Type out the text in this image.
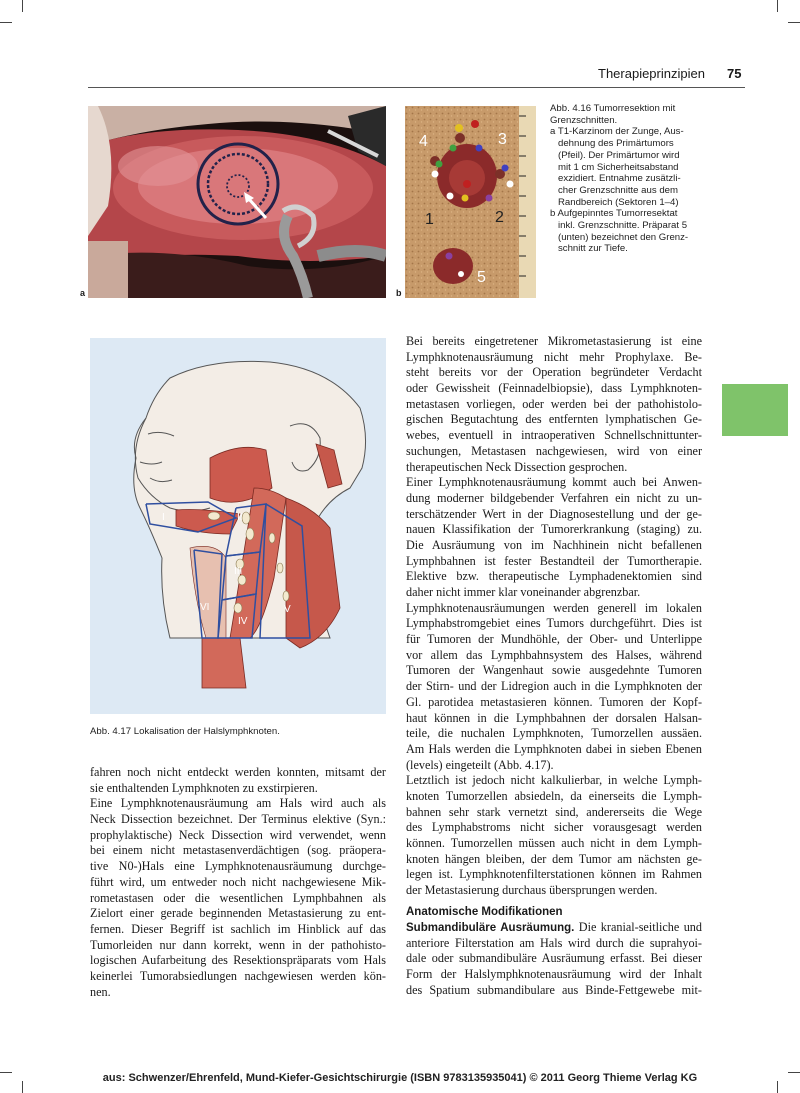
Therapieprinzipien 75
a
4	3
1	2
5
b
Abb. 4.16 Tumorresektion mit
Grenzschnitten.
a T1-Karzinom der Zunge, Aus-
dehnung des Primärtumors
(Pfeil). Der Primärtumor wird
mit 1 cm Sicherheitsabstand
exzidiert. Entnahme zusätzli-
cher Grenzschnitte aus dem
Randbereich (Sektoren 1–4)
b Aufgepinntes Tumorresektat
inkl. Grenzschnitte. Präparat 5
(unten) bezeichnet den Grenz-
schnitt zur Tiefe.
I	II
III
IV
V
VI
Abb. 4.17 Lokalisation der Halslymphknoten.
fahren noch nicht entdeckt werden konnten, mitsamt der
sie enthaltenden Lymphknoten zu exstirpieren.
Eine Lymphknotenausräumung am Hals wird auch als
Neck Dissection bezeichnet. Der Terminus elektive (Syn.:
prophylaktische) Neck Dissection wird verwendet, wenn
bei einem nicht metastasenverdächtigen (sog. präopera-
tive N0-)Hals eine Lymphknotenausräumung durchge-
führt wird, um entweder noch nicht nachgewiesene Mik-
rometastasen oder die wesentlichen Lymphbahnen als
Zielort einer gerade beginnenden Metastasierung zu ent-
fernen. Dieser Begriff ist sachlich im Hinblick auf das
Tumorleiden nur dann korrekt, wenn in der pathohisto-
logischen Aufarbeitung des Resektionspräparats vom Hals
keinerlei Tumorabsiedlungen nachgewiesen werden kön-
nen.
Bei bereits eingetretener Mikrometastasierung ist eine
Lymphknotenausräumung nicht mehr Prophylaxe. Be-
steht bereits vor der Operation begründeter Verdacht
oder Gewissheit (Feinnadelbiopsie), dass Lymphknoten-
metastasen vorliegen, oder werden bei der pathohistolo-
gischen Begutachtung des entfernten lymphatischen Ge-
webes, eventuell in intraoperativen Schnellschnittunter-
suchungen, Metastasen nachgewiesen, wird von einer
therapeutischen Neck Dissection gesprochen.
Einer Lymphknotenausräumung kommt auch bei Anwen-
dung moderner bildgebender Verfahren ein nicht zu un-
terschätzender Wert in der Diagnosestellung und der ge-
nauen Klassifikation der Tumorerkrankung (staging) zu.
Die Ausräumung von im Nachhinein nicht befallenen
Lymphbahnen ist fester Bestandteil der Tumortherapie.
Elektive bzw. therapeutische Lymphadenektomien sind
daher nicht immer klar voneinander abgrenzbar.
Lymphknotenausräumungen werden generell im lokalen
Lymphabstromgebiet eines Tumors durchgeführt. Dies ist
für Tumoren der Mundhöhle, der Ober- und Unterlippe
vor allem das Lymphbahnsystem des Halses, während
Tumoren der Wangenhaut sowie ausgedehnte Tumoren
der Stirn- und der Lidregion auch in die Lymphknoten der
Gl. parotidea metastasieren können. Tumoren der Kopf-
haut können in die Lymphbahnen der dorsalen Halsan-
teile, die nuchalen Lymphknoten, Tumorzellen aussäen.
Am Hals werden die Lymphknoten dabei in sieben Ebenen
(levels) eingeteilt (Abb. 4.17).
Letztlich ist jedoch nicht kalkulierbar, in welche Lymph-
knoten Tumorzellen absiedeln, da einerseits die Lymph-
bahnen sehr stark vernetzt sind, andererseits die Wege
des Lymphabstroms nicht sicher vorausgesagt werden
können. Tumorzellen müssen auch nicht in dem Lymph-
knoten hängen bleiben, der dem Tumor am nächsten ge-
legen ist. Lymphknotenfilterstationen können im Rahmen
der Metastasierung durchaus übersprungen werden.
Anatomische Modifikationen
Submandibuläre Ausräumung. Die kranial-seitliche und
anteriore Filterstation am Hals wird durch die suprahyoi-
dale oder submandibuläre Ausräumung erfasst. Bei dieser
Form der Halslymphknotenausräumung wird der Inhalt
des Spatium submandibulare aus Binde-Fettgewebe mit-
aus: Schwenzer/Ehrenfeld, Mund-Kiefer-Gesichtschirurgie (ISBN 9783135935041) © 2011 Georg Thieme Verlag KG
